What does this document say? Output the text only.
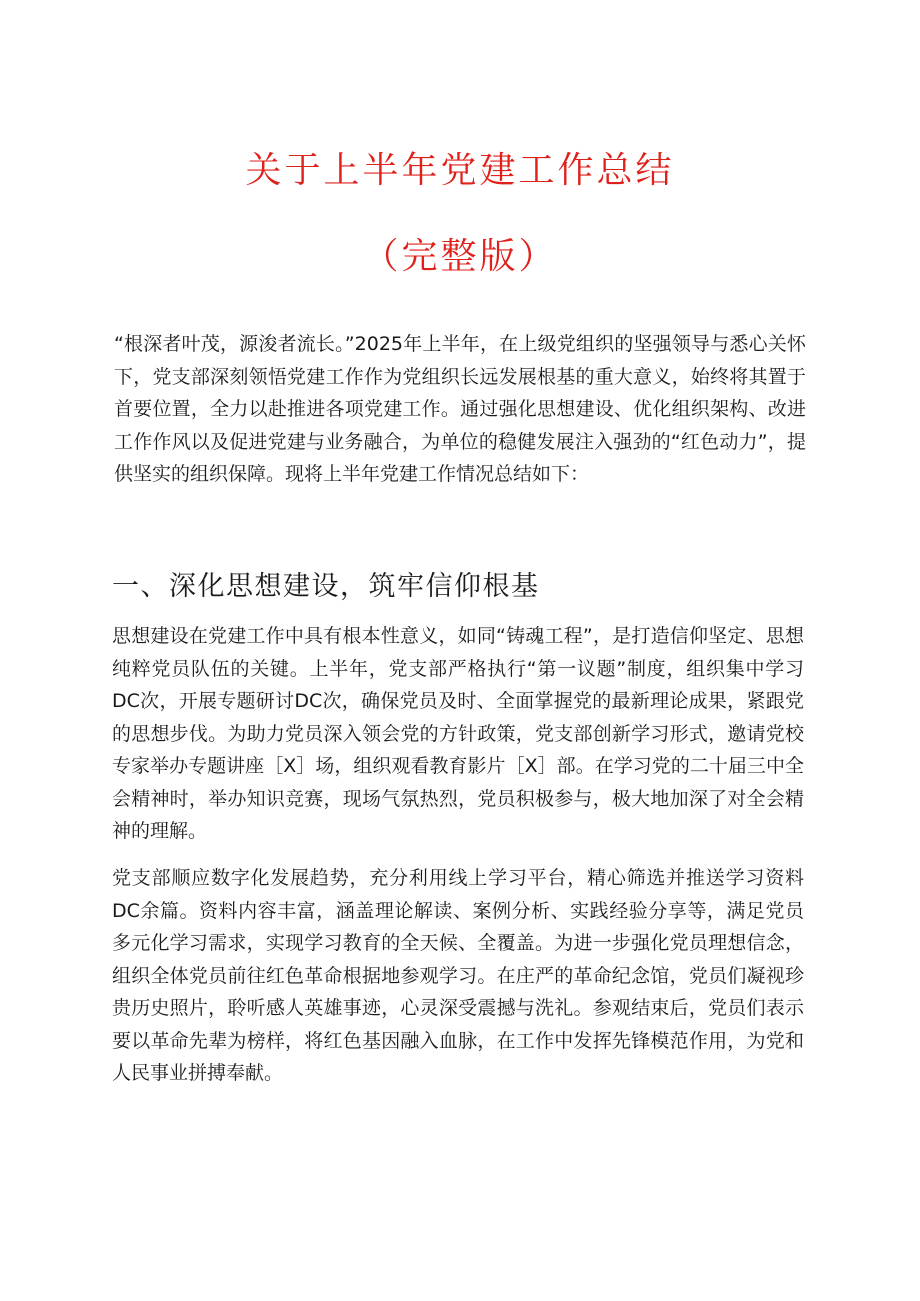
关于上半年党建工作总结
（完整版）

“根深者叶茂，源浚者流长。”2025年上半年，在上级党组织的坚强领导与悉心关怀下，党支部深刻领悟党建工作作为党组织长远发展根基的重大意义，始终将其置于首要位置，全力以赴推进各项党建工作。通过强化思想建设、优化组织架构、改进工作作风以及促进党建与业务融合，为单位的稳健发展注入强劲的“红色动力”，提供坚实的组织保障。现将上半年党建工作情况总结如下：

一、深化思想建设，筑牢信仰根基

思想建设在党建工作中具有根本性意义，如同“铸魂工程”，是打造信仰坚定、思想纯粹党员队伍的关键。上半年，党支部严格执行“第一议题”制度，组织集中学习DC次，开展专题研讨DC次，确保党员及时、全面掌握党的最新理论成果，紧跟党的思想步伐。为助力党员深入领会党的方针政策，党支部创新学习形式，邀请党校专家举办专题讲座［X］场，组织观看教育影片［X］部。在学习党的二十届三中全会精神时，举办知识竞赛，现场气氛热烈，党员积极参与，极大地加深了对全会精神的理解。

党支部顺应数字化发展趋势，充分利用线上学习平台，精心筛选并推送学习资料DC余篇。资料内容丰富，涵盖理论解读、案例分析、实践经验分享等，满足党员多元化学习需求，实现学习教育的全天候、全覆盖。为进一步强化党员理想信念，组织全体党员前往红色革命根据地参观学习。在庄严的革命纪念馆，党员们凝视珍贵历史照片，聆听感人英雄事迹，心灵深受震撼与洗礼。参观结束后，党员们表示要以革命先辈为榜样，将红色基因融入血脉，在工作中发挥先锋模范作用，为党和人民事业拼搏奉献。
